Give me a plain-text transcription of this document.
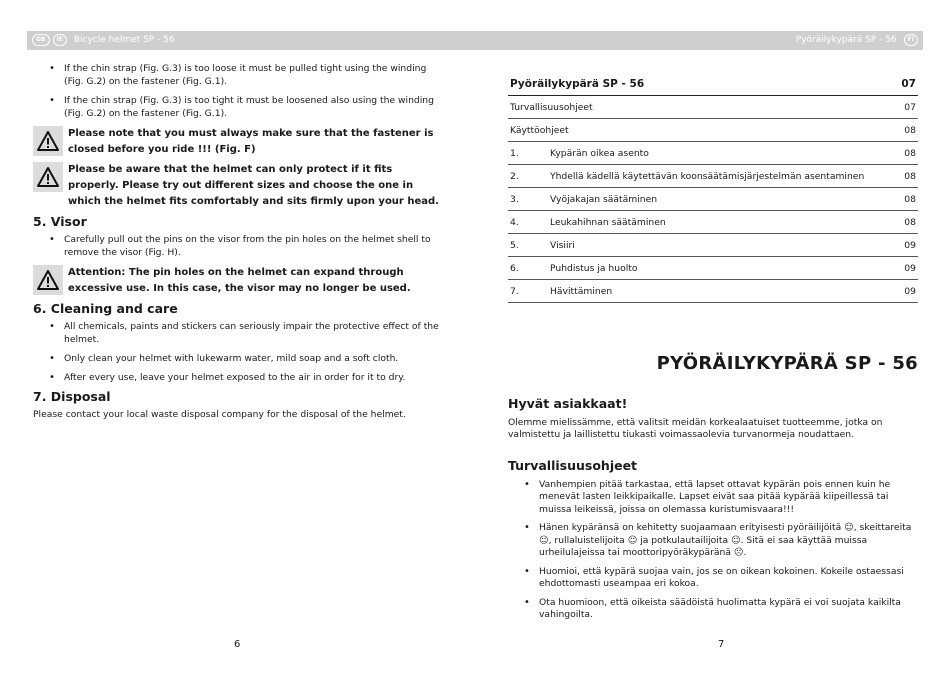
GB	IE	Bicycle helmet SP - 56	Pyöräilykypärä SP - 56	FI
• If the chin strap (Fig. G.3) is too loose it must be pulled tight using the winding (Fig. G.2) on the fastener (Fig. G.1).
• If the chin strap (Fig. G.3) is too tight it must be loosened also using the winding (Fig. G.2) on the fastener (Fig. G.1).
Please note that you must always make sure that the fastener is closed before you ride !!! (Fig. F)
Please be aware that the helmet can only protect if it fits properly. Please try out different sizes and choose the one in which the helmet fits comfortably and sits firmly upon your head.
5. Visor
• Carefully pull out the pins on the visor from the pin holes on the helmet shell to remove the visor (Fig. H).
Attention: The pin holes on the helmet can expand through excessive use. In this case, the visor may no longer be used.
6. Cleaning and care
• All chemicals, paints and stickers can seriously impair the protective effect of the helmet.
• Only clean your helmet with lukewarm water, mild soap and a soft cloth.
• After every use, leave your helmet exposed to the air in order for it to dry.
7. Disposal

Please contact your local waste disposal company for the disposal of the helmet.

6
Pyöräilykypärä SP - 56		07
Turvallisuusohjeet		07
Käyttöohjeet		08
1.	Kypärän oikea asento	08
2.	Yhdellä kädellä käytettävän koonsäätämisjärjestelmän asentaminen	08
3.	Vyöjakajan säätäminen	08
4.	Leukahihnan säätäminen	08
5.	Visiiri	09
6.	Puhdistus ja huolto	09
7.	Hävittäminen	09
PYÖRÄILYKYPÄRÄ SP - 56
Hyvät asiakkaat!

Olemme mielissämme, että valitsit meidän korkealaatuiset tuotteemme, jotka on valmistettu ja laillistettu tiukasti voimassaolevia turvanormeja noudattaen.

Turvallisuusohjeet
• Vanhempien pitää tarkastaa, että lapset ottavat kypärän pois ennen kuin he menevät lasten leikkipaikalle. Lapset eivät saa pitää kypärää kiipeillessä tai muissa leikeissä, joissa on olemassa kuristumisvaara!!!
• Hänen kypäränsä on kehitetty suojaamaan erityisesti pyöräilijöitä ☺, skeittareita ☺, rullaluistelijoita ☺ ja potkulautailijoita ☺. Sitä ei saa käyttää muissa urheilulajeissa tai moottoripyöräkypäränä ☹.
• Huomioi, että kypärä suojaa vain, jos se on oikean kokoinen. Kokeile ostaessasi ehdottomasti useampaa eri kokoa.
• Ota huomioon, että oikeista säädöistä huolimatta kypärä ei voi suojata kaikilta vahingoilta.
7
